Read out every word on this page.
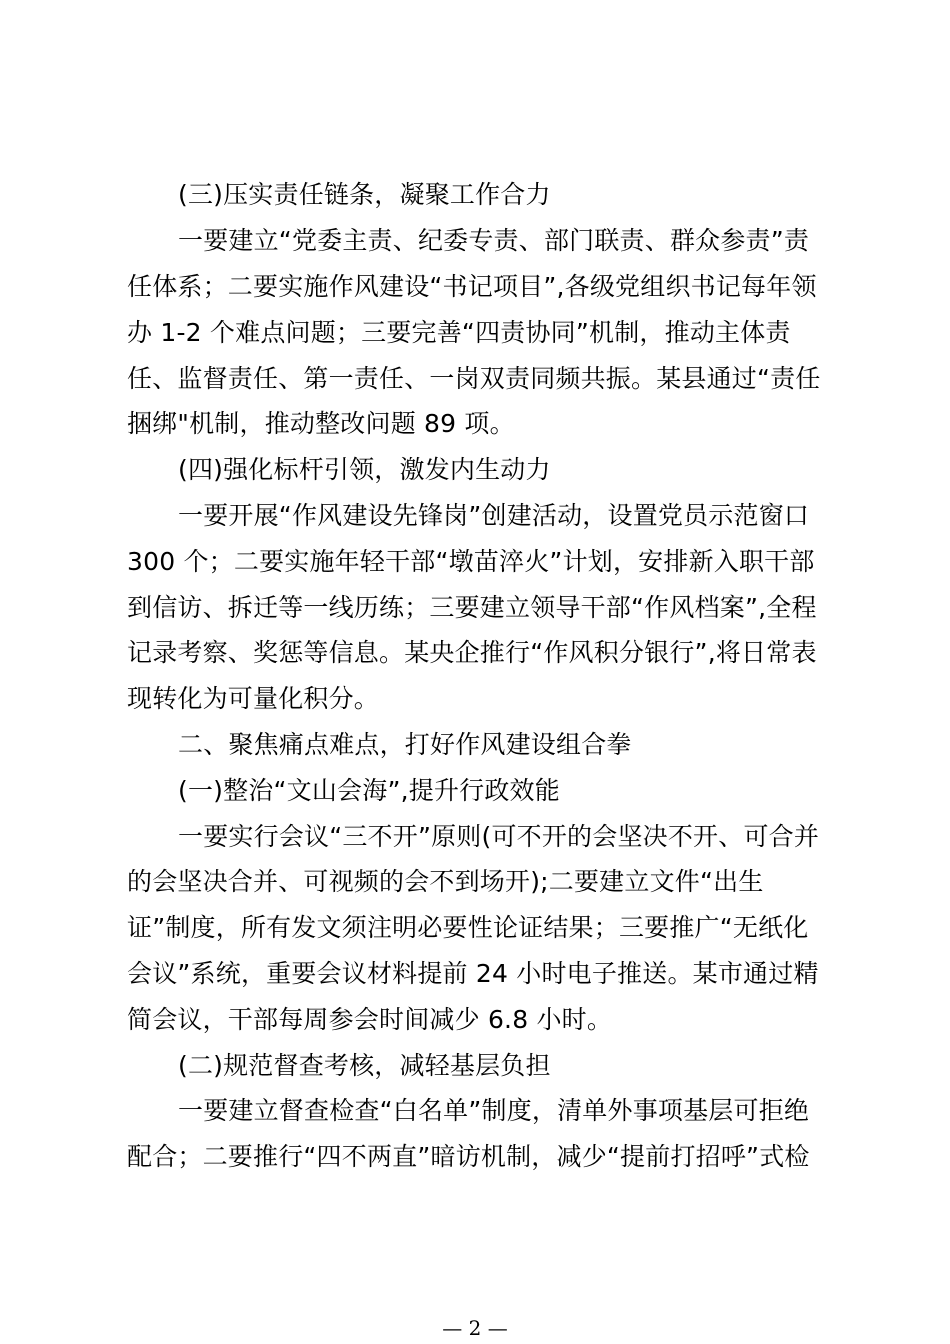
(三)压实责任链条，凝聚工作合力
一要建立“党委主责、纪委专责、部门联责、群众参责”责
任体系；二要实施作风建设“书记项目”,各级党组织书记每年领
办 1-2 个难点问题；三要完善“四责协同”机制，推动主体责
任、监督责任、第一责任、一岗双责同频共振。某县通过“责任
捆绑"机制，推动整改问题 89 项。
(四)强化标杆引领，激发内生动力
一要开展“作风建设先锋岗”创建活动，设置党员示范窗口
300 个；二要实施年轻干部“墩苗淬火”计划，安排新入职干部
到信访、拆迁等一线历练；三要建立领导干部“作风档案”,全程
记录考察、奖惩等信息。某央企推行“作风积分银行”,将日常表
现转化为可量化积分。
二、聚焦痛点难点，打好作风建设组合拳
(一)整治“文山会海”,提升行政效能
一要实行会议“三不开”原则(可不开的会坚决不开、可合并
的会坚决合并、可视频的会不到场开);二要建立文件“出生
证”制度，所有发文须注明必要性论证结果；三要推广“无纸化
会议”系统，重要会议材料提前 24 小时电子推送。某市通过精
简会议，干部每周参会时间减少 6.8 小时。
(二)规范督查考核，减轻基层负担
一要建立督查检查“白名单”制度，清单外事项基层可拒绝
配合；二要推行“四不两直”暗访机制，减少“提前打招呼”式检
— 2 —
